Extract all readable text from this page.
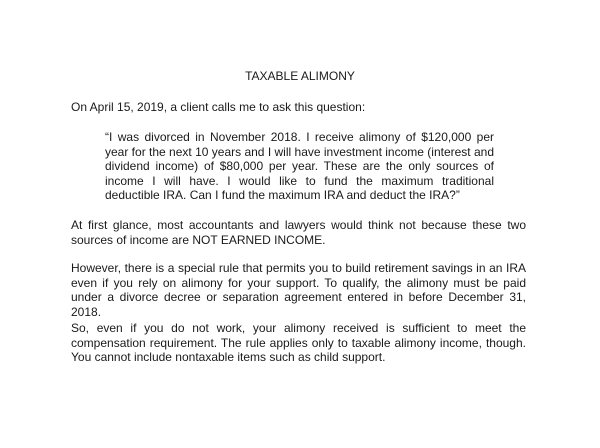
TAXABLE ALIMONY

On April 15, 2019, a client calls me to ask this question:

“I was divorced in November 2018. I receive alimony of $120,000 per year for the next 10 years and I will have investment income (interest and dividend income) of $80,000 per year. These are the only sources of income I will have. I would like to fund the maximum traditional deductible IRA. Can I fund the maximum IRA and deduct the IRA?”

At first glance, most accountants and lawyers would think not because these two sources of income are NOT EARNED INCOME.

However, there is a special rule that permits you to build retirement savings in an IRA even if you rely on alimony for your support. To qualify, the alimony must be paid under a divorce decree or separation agreement entered in before December 31, 2018.

So, even if you do not work, your alimony received is sufficient to meet the compensation requirement. The rule applies only to taxable alimony income, though. You cannot include nontaxable items such as child support.
